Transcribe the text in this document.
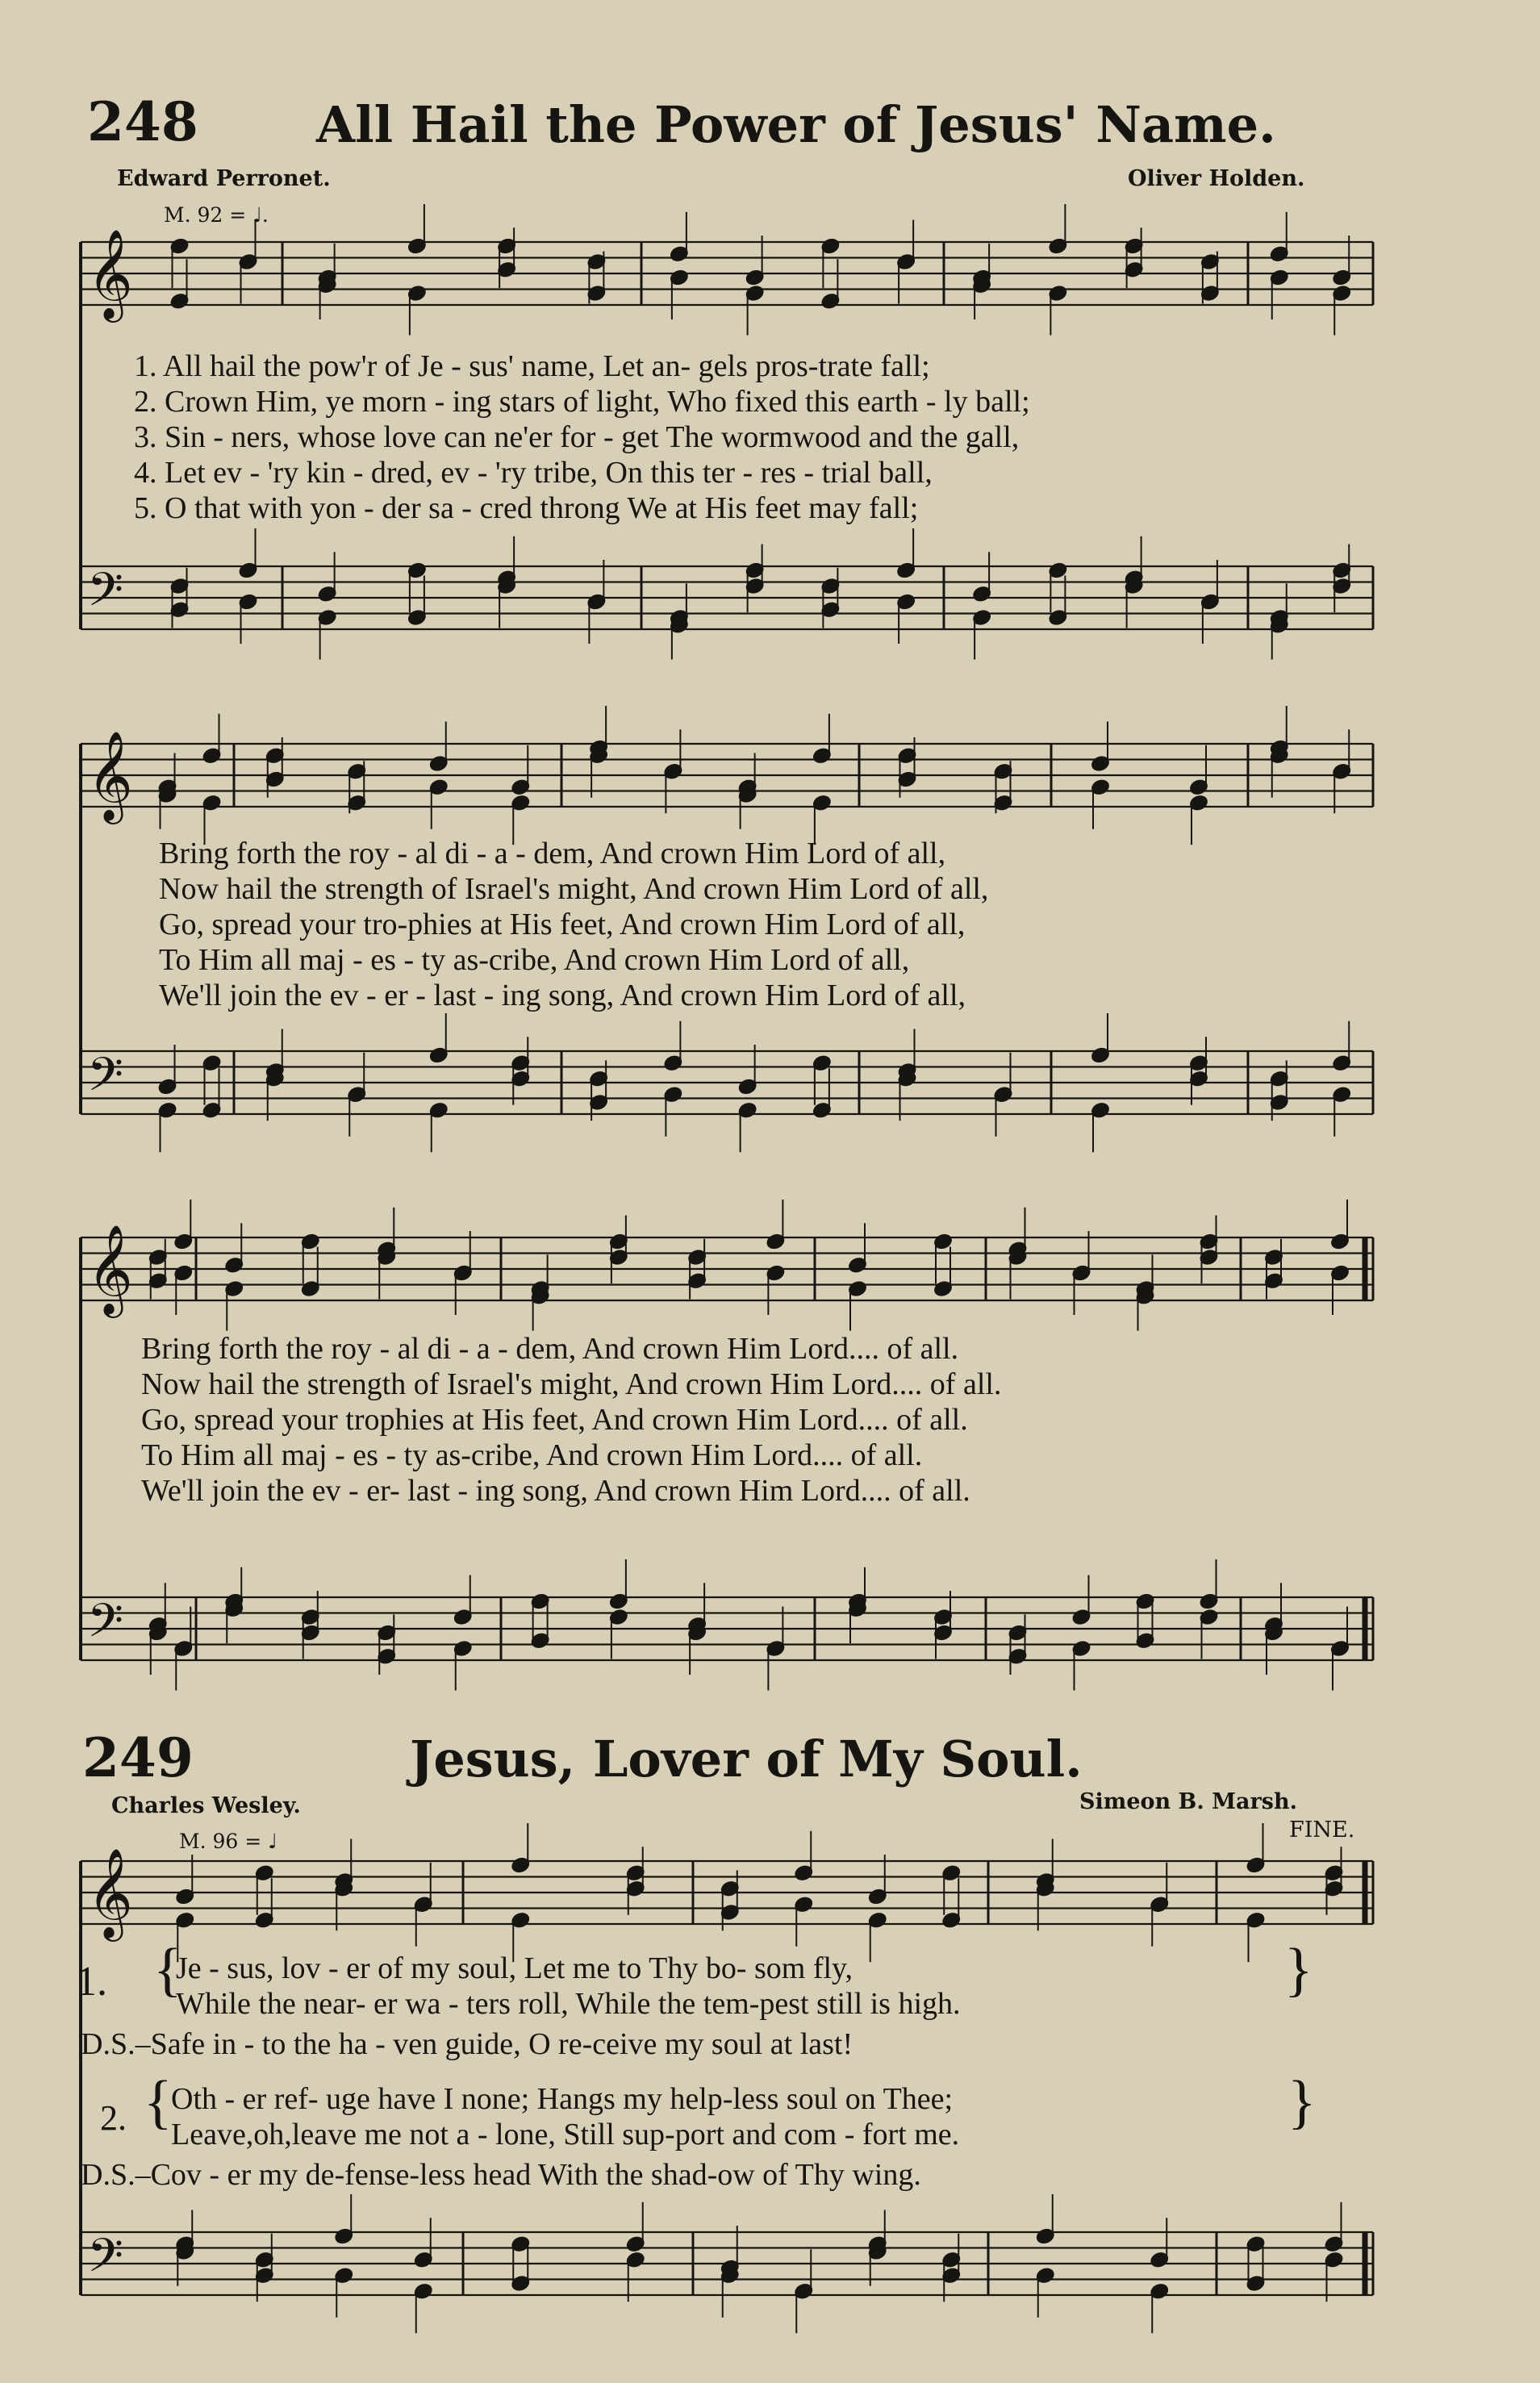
𝄞
𝄢
𝄞
𝄢
𝄞
𝄢
𝄞
𝄢
248 All Hail the Power of Jesus' Name.
Edward Perronet.	Oliver Holden.
M. 92 = ♩.
1. All hail the pow'r of Je - sus' name, Let an- gels pros-trate fall;
2. Crown Him, ye morn - ing stars of light, Who fixed this earth - ly ball;
3. Sin - ners, whose love can ne'er for - get The wormwood and the gall,
4. Let ev - 'ry kin - dred, ev - 'ry tribe, On this ter - res - trial ball,
5. O that with yon - der sa - cred throng We at His feet may fall;
Bring forth the roy - al di - a - dem, And crown Him Lord of all,
Now hail the strength of Israel's might, And crown Him Lord of all,
Go, spread your tro-phies at His feet, And crown Him Lord of all,
To Him all maj - es - ty as-cribe, And crown Him Lord of all,
We'll join the ev - er - last - ing song, And crown Him Lord of all,
Bring forth the roy - al di - a - dem, And crown Him Lord.... of all.
Now hail the strength of Israel's might, And crown Him Lord.... of all.
Go, spread your trophies at His feet, And crown Him Lord.... of all.
To Him all maj - es - ty as-cribe, And crown Him Lord.... of all.
We'll join the ev - er- last - ing song, And crown Him Lord.... of all.
249	Jesus, Lover of My Soul.
Charles Wesley.	Simeon B. Marsh.
FINE.
M. 96 = ♩
1. {	}
Je - sus, lov - er of my soul, Let me to Thy bo- som fly,
While the near- er wa - ters roll, While the tem-pest still is high.
D.S.–Safe in - to the ha - ven guide, O re-ceive my soul at last!
2. {	}
Oth - er ref- uge have I none; Hangs my help-less soul on Thee;
Leave,oh,leave me not a - lone, Still sup-port and com - fort me.
D.S.–Cov - er my de-fense-less head With the shad-ow of Thy wing.
